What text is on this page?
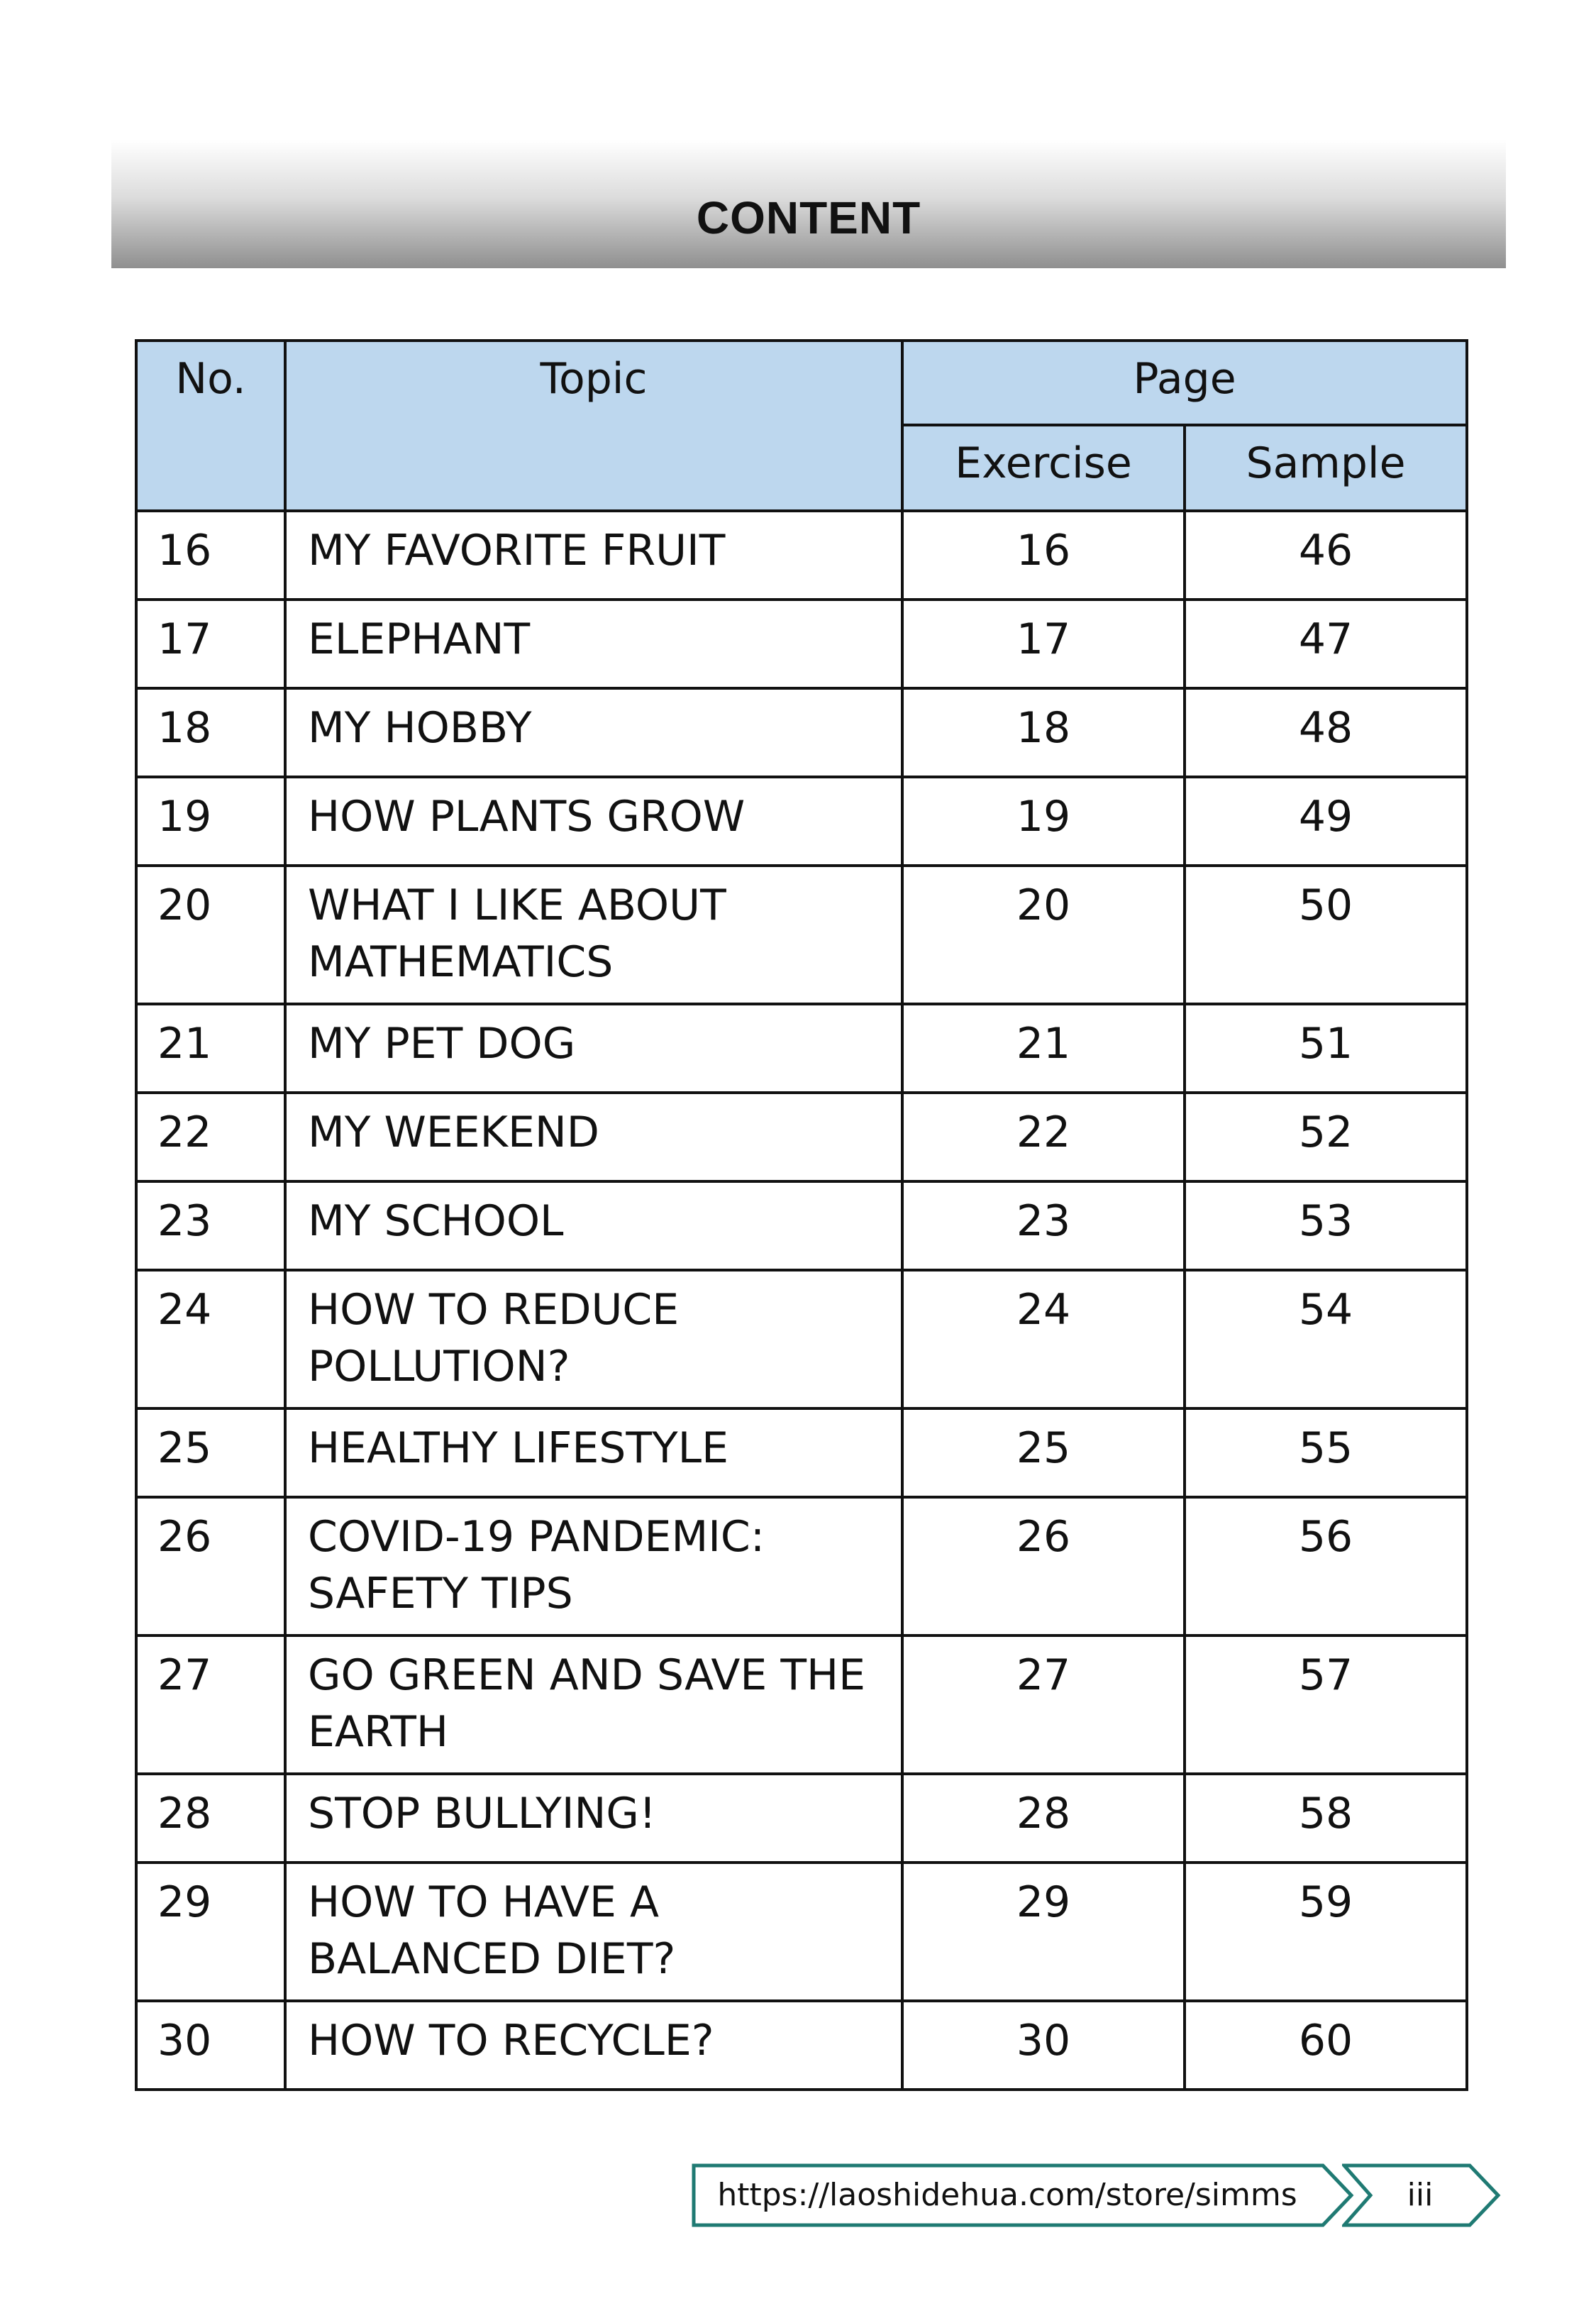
CONTENT
No.	Topic	Page	
		Exercise	Sample
16	MY FAVORITE FRUIT	16	46
17	ELEPHANT	17	47
18	MY HOBBY	18	48
19	HOW PLANTS GROW	19	49
20	WHAT I LIKE ABOUT MATHEMATICS	20	50
21	MY PET DOG	21	51
22	MY WEEKEND	22	52
23	MY SCHOOL	23	53
24	HOW TO REDUCE POLLUTION?	24	54
25	HEALTHY LIFESTYLE	25	55
26	COVID-19 PANDEMIC: SAFETY TIPS	26	56
27	GO GREEN AND SAVE THE EARTH	27	57
28	STOP BULLYING!	28	58
29	HOW TO HAVE A BALANCED DIET?	29	59
30	HOW TO RECYCLE?	30	60
https://laoshidehua.com/store/simms	iii
